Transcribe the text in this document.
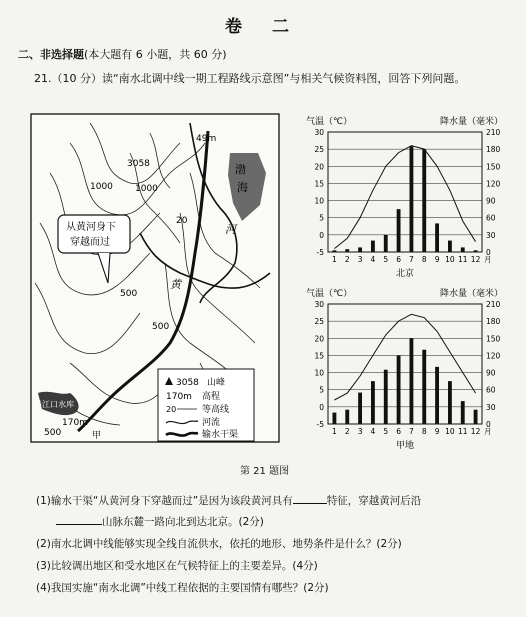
卷 二
二、非选择题(本大题有 6 小题，共 60 分)
21.（10 分）读“南水北调中线一期工程路线示意图”与相关气候资料图，回答下列问题。
从黄河身下
穿越而过
49m
3058
1000 1000
20
渤
海
河
黄
500
500
500
丹江口水库
170m
甲
3058 山峰
170m 高程
20	等高线
河流
输水干渠
气温（℃）	降水量（毫米）
-5
0
5
10
15
20
25
30
0
30
60
90
120
150
180
210
1 2 3 4 5 6 7 8 9 10 11 12 月
北京
气温（℃）	降水量（毫米）
-5
0
5
10
15
20
25
30
0
30
60
90
120
150
180
210
1 2 3 4 5 6 7 8 9 10 11 12 月
甲地
第 21 题图
(1)输水干渠“从黄河身下穿越而过”是因为该段黄河具有	特征，穿越黄河后沿
山脉东麓一路向北到达北京。(2分)
(2)南水北调中线能够实现全线自流供水，依托的地形、地势条件是什么？(2分)
(3)比较调出地区和受水地区在气候特征上的主要差异。(4分)
(4)我国实施“南水北调”中线工程依据的主要国情有哪些？(2分)
